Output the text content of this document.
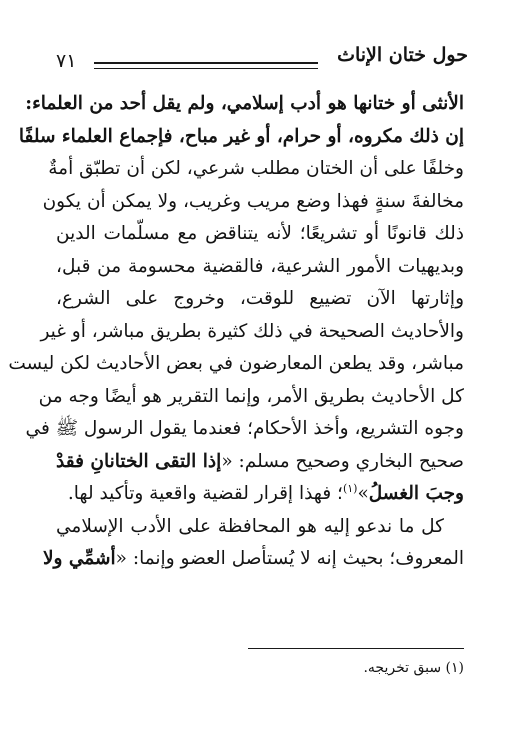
٧١	حول ختان الإناث
الأنثى أو ختانها هو أدب إسلامي، ولم يقل أحد من العلماء:
إن ذلك مكروه، أو حرام، أو غير مباح، فإجماع العلماء سلفًا
وخلفًا على أن الختان مطلب شرعي، لكن أن تطبّق أمةٌ
مخالفةَ سنةٍ فهذا وضع مريب وغريب، ولا يمكن أن يكون
ذلك قانونًا أو تشريعًا؛ لأنه يتناقض مع مسلّمات الدين
وبديهيات الأمور الشرعية، فالقضية محسومة من قبل،
وإثارتها الآن تضييع للوقت، وخروج على الشرع،
والأحاديث الصحيحة في ذلك كثيرة بطريق مباشر، أو غير
مباشر، وقد يطعن المعارضون في بعض الأحاديث لكن ليست
كل الأحاديث بطريق الأمر، وإنما التقرير هو أيضًا وجه من
وجوه التشريع، وأخذ الأحكام؛ فعندما يقول الرسول ﷺ في
صحيح البخاري وصحيح مسلم: «إذا التقى الختانانِ فقدْ
وجبَ الغسلُ»$^{(١)}$؛ فهذا إقرار لقضية واقعية وتأكيد لها.
كل ما ندعو إليه هو المحافظة على الأدب الإسلامي
المعروف؛ بحيث إنه لا يُستأصل العضو وإنما: «أشمِّي ولا
(١) سبق تخريجه.
